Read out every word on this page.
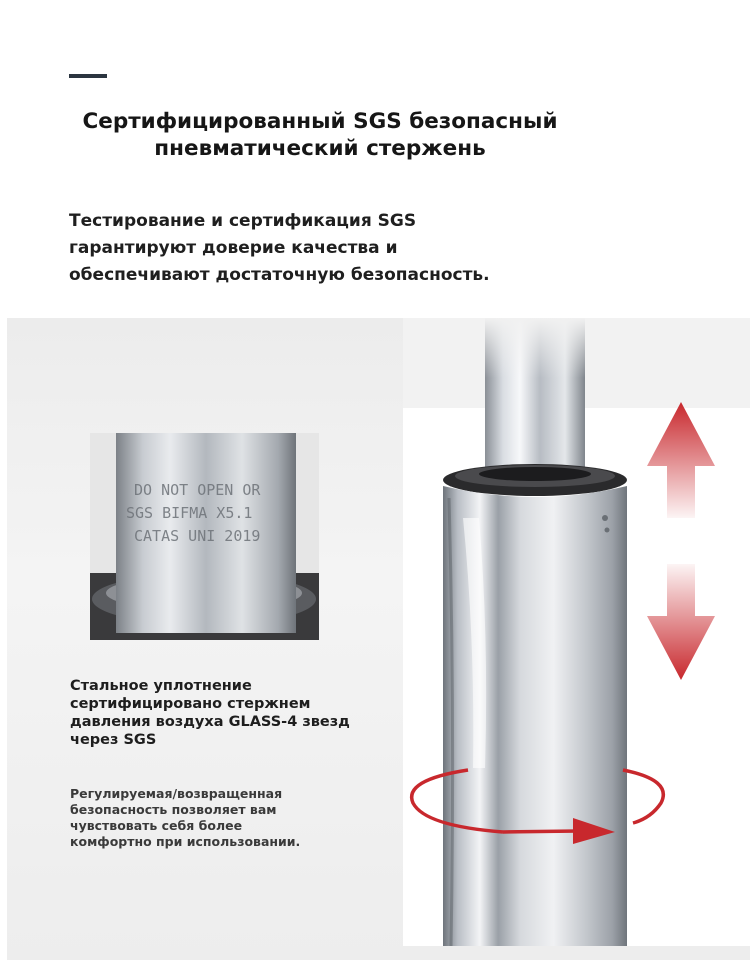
Сертифицированный SGS безопасный
пневматический стержень
Тестирование и сертификация SGS
гарантируют доверие качества и
обеспечивают достаточную безопасность.
DO NOT OPEN OR
SGS BIFMA X5.1
CATAS UNI 2019
Стальное уплотнение
сертифицировано стержнем
давления воздуха GLASS-4 звезд
через SGS
Регулируемая/возвращенная
безопасность позволяет вам
чувствовать себя более
комфортно при использовании.
